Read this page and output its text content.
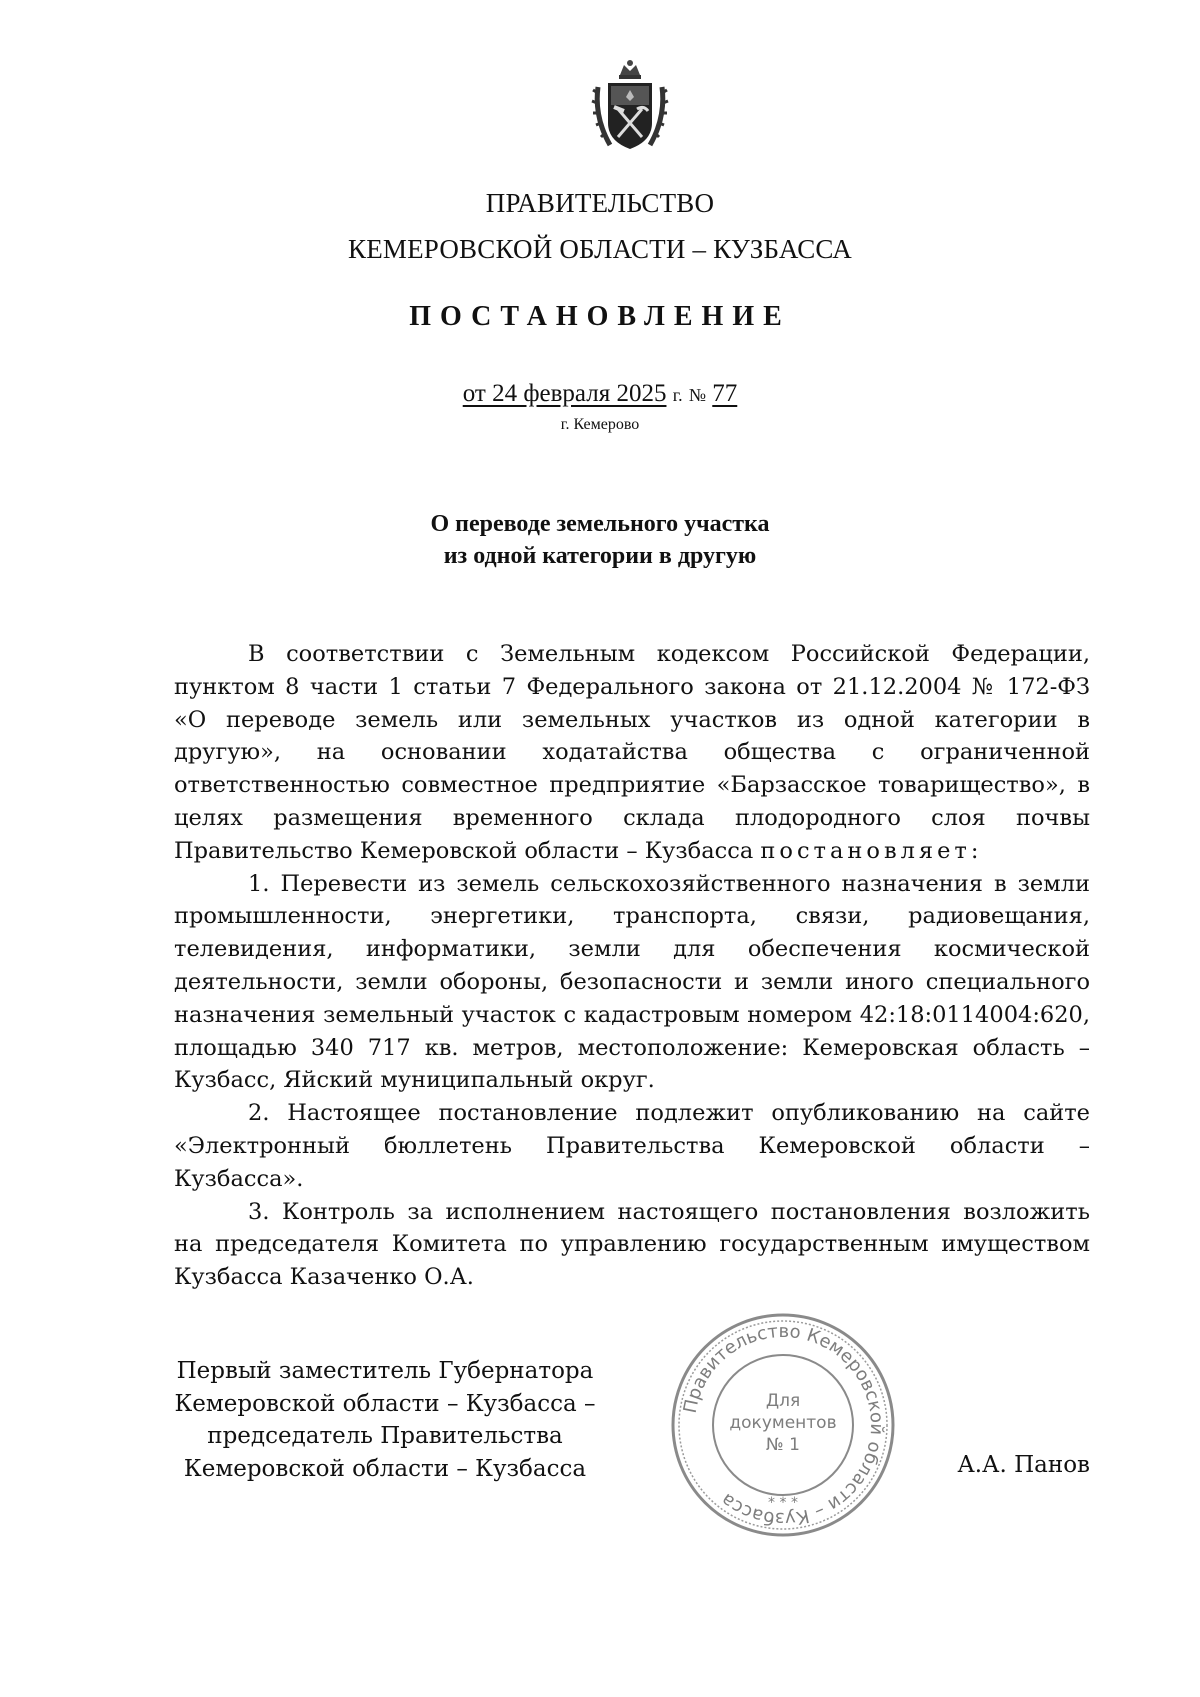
ПРАВИТЕЛЬСТВО
КЕМЕРОВСКОЙ ОБЛАСТИ – КУЗБАССА
ПОСТАНОВЛЕНИЕ
от 24 февраля 2025 г. № 77
г. Кемерово
О переводе земельного участка
из одной категории в другую

В соответствии с Земельным кодексом Российской Федерации, пунктом 8 части 1 статьи 7 Федерального закона от 21.12.2004 № 172-ФЗ «О переводе земель или земельных участков из одной категории в другую», на основании ходатайства общества с ограниченной ответственностью совместное предприятие «Барзасское товарищество», в целях размещения временного склада плодородного слоя почвы Правительство Кемеровской области – Кузбасса постановляет:

1. Перевести из земель сельскохозяйственного назначения в земли промышленности, энергетики, транспорта, связи, радиовещания, телевидения, информатики, земли для обеспечения космической деятельности, земли обороны, безопасности и земли иного специального назначения земельный участок с кадастровым номером 42:18:0114004:620, площадью 340 717 кв. метров, местоположение: Кемеровская область – Кузбасс, Яйский муниципальный округ.

2. Настоящее постановление подлежит опубликованию на сайте «Электронный бюллетень Правительства Кемеровской области – Кузбасса».

3. Контроль за исполнением настоящего постановления возложить на председателя Комитета по управлению государственным имуществом Кузбасса Казаченко О.А.

Первый заместитель Губернатора
Кемеровской области – Кузбасса –
председатель Правительства
Кемеровской области – Кузбасса	А.А. Панов
Правительство Кемеровской области – Кузбасса	* * *
Для
документов
№ 1
